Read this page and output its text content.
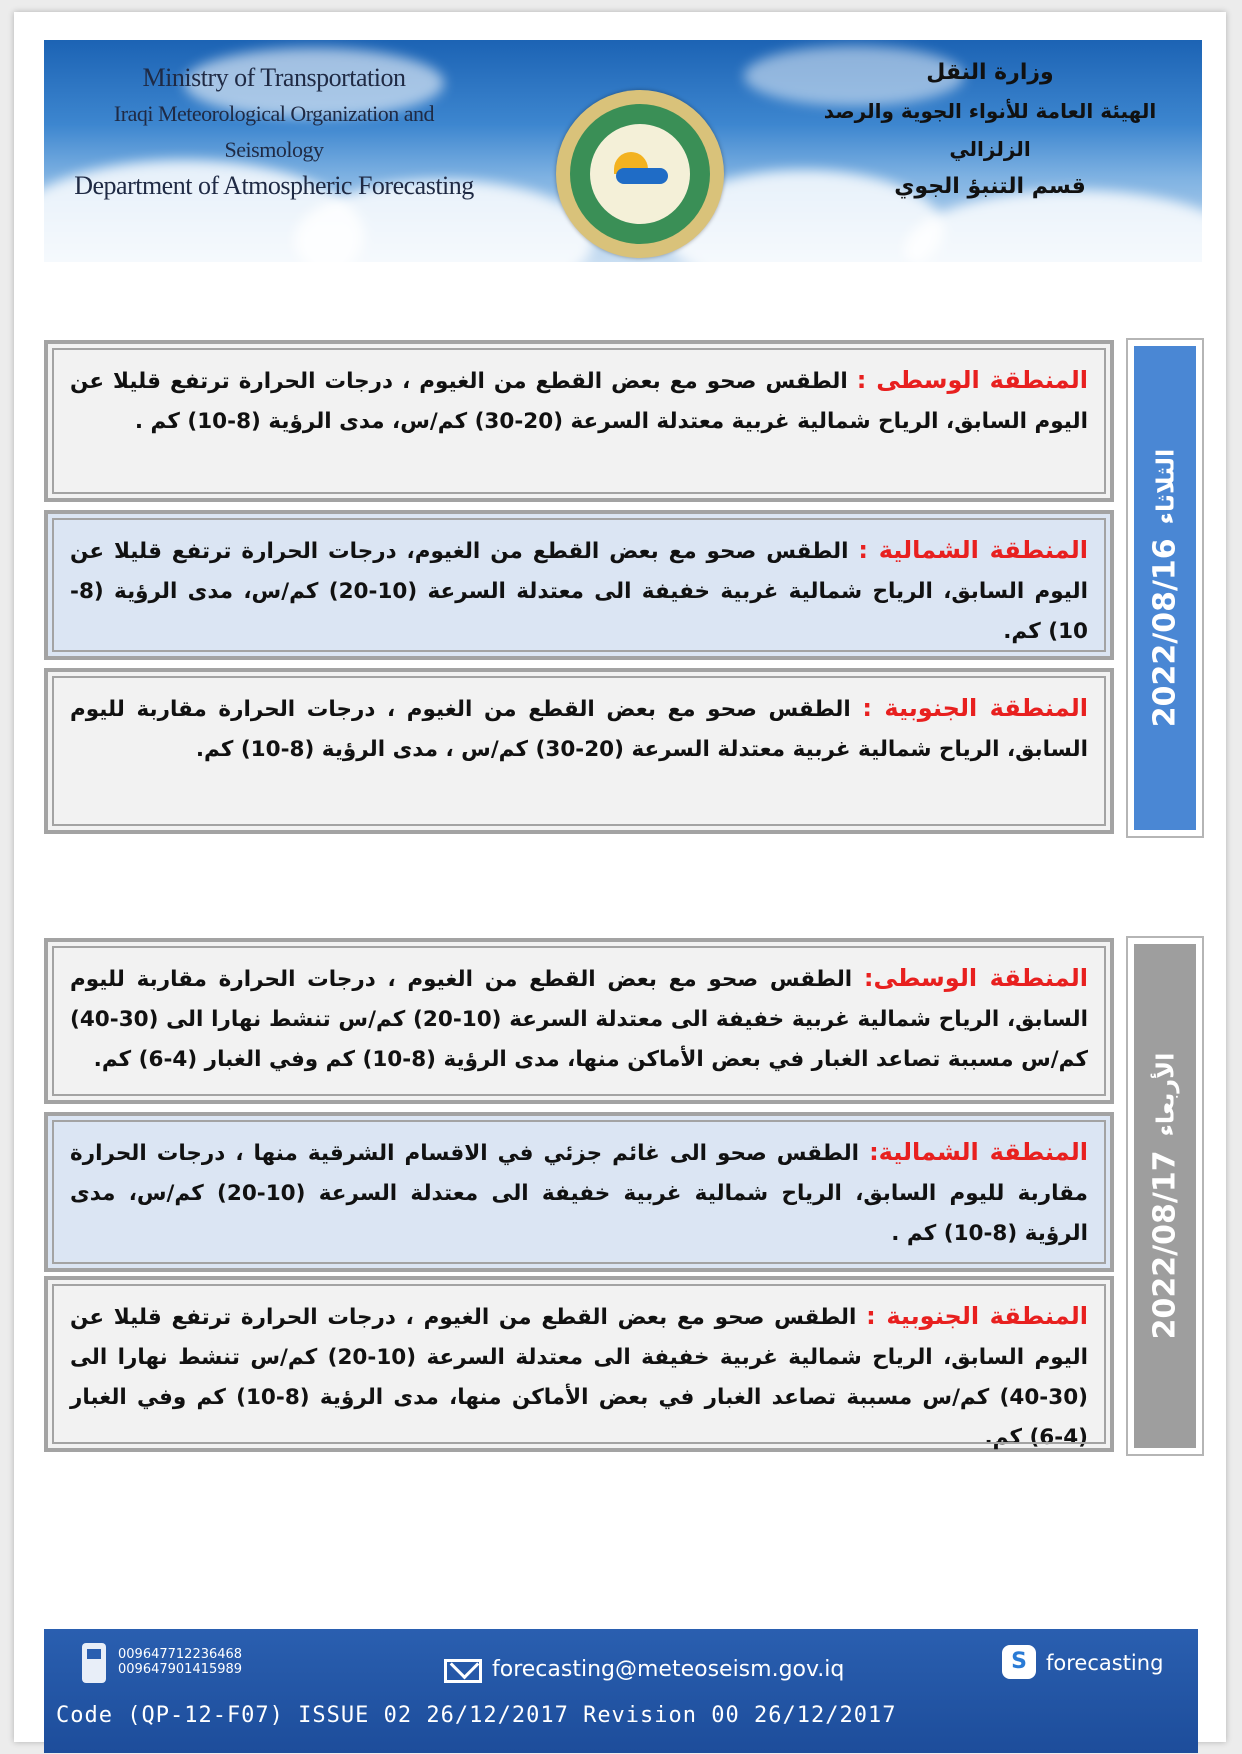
Ministry of Transportation
Iraqi Meteorological Organization and Seismology
Department of Atmospheric Forecasting
وزارة النقل
الهيئة العامة للأنواء الجوية والرصد الزلزالي
قسم التنبؤ الجوي
2022/08/16
الثلاثاء
المنطقة الوسطى : الطقس صحو مع بعض القطع من الغيوم ، درجات الحرارة ترتفع قليلا عن اليوم السابق، الرياح شمالية غربية معتدلة السرعة (20-30) كم/س، مدى الرؤية (8-10) كم .
المنطقة الشمالية : الطقس صحو مع بعض القطع من الغيوم، درجات الحرارة ترتفع قليلا عن اليوم السابق، الرياح شمالية غربية خفيفة الى معتدلة السرعة (10-20) كم/س، مدى الرؤية (8-10) كم.
المنطقة الجنوبية : الطقس صحو مع بعض القطع من الغيوم ، درجات الحرارة مقاربة لليوم السابق، الرياح شمالية غربية معتدلة السرعة (20-30) كم/س ، مدى الرؤية (8-10) كم.
2022/08/17
الأربعاء
المنطقة الوسطى: الطقس صحو مع بعض القطع من الغيوم ، درجات الحرارة مقاربة لليوم السابق، الرياح شمالية غربية خفيفة الى معتدلة السرعة (10-20) كم/س تنشط نهارا الى (30-40) كم/س مسببة تصاعد الغبار في بعض الأماكن منها، مدى الرؤية (8-10) كم وفي الغبار (4-6) كم.
المنطقة الشمالية: الطقس صحو الى غائم جزئي في الاقسام الشرقية منها ، درجات الحرارة مقاربة لليوم السابق، الرياح شمالية غربية خفيفة الى معتدلة السرعة (10-20) كم/س، مدى الرؤية (8-10) كم .
المنطقة الجنوبية : الطقس صحو مع بعض القطع من الغيوم ، درجات الحرارة ترتفع قليلا عن اليوم السابق، الرياح شمالية غربية خفيفة الى معتدلة السرعة (10-20) كم/س تنشط نهارا الى (30-40) كم/س مسببة تصاعد الغبار في بعض الأماكن منها، مدى الرؤية (8-10) كم وفي الغبار (4-6) كم.
009647712236468
009647901415989	forecasting@meteoseism.gov.iq	S forecasting
Code (QP-12-F07) ISSUE 02 26/12/2017 Revision 00 26/12/2017
